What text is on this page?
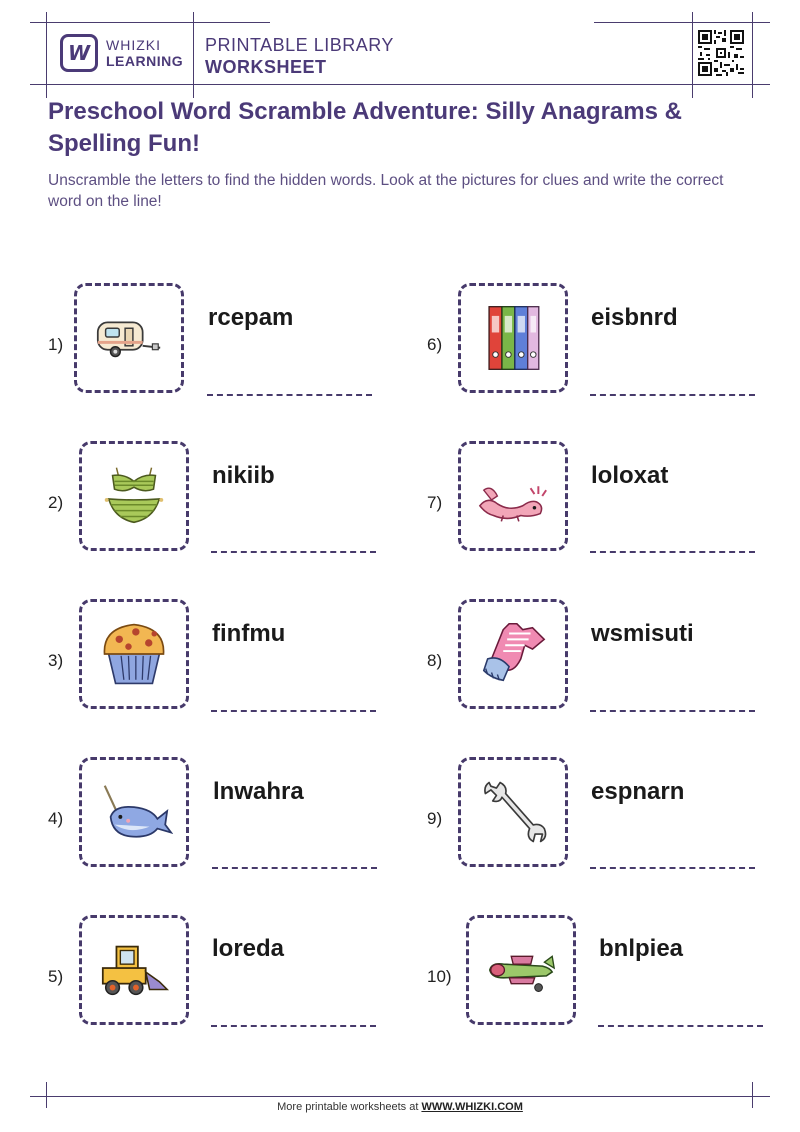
W WHIZKI
LEARNING
PRINTABLE LIBRARY
WORKSHEET
Preschool Word Scramble Adventure: Silly Anagrams & Spelling Fun!
Unscramble the letters to find the hidden words. Look at the pictures for clues and write the correct word on the line!
1)
rcepam
2)
nikiib
3)
finfmu
4)
lnwahra
5)
loreda
6)
eisbnrd
7)
loloxat
8)
wsmisuti
9)
espnarn
10)
bnlpiea
More printable worksheets at WWW.WHIZKI.COM
